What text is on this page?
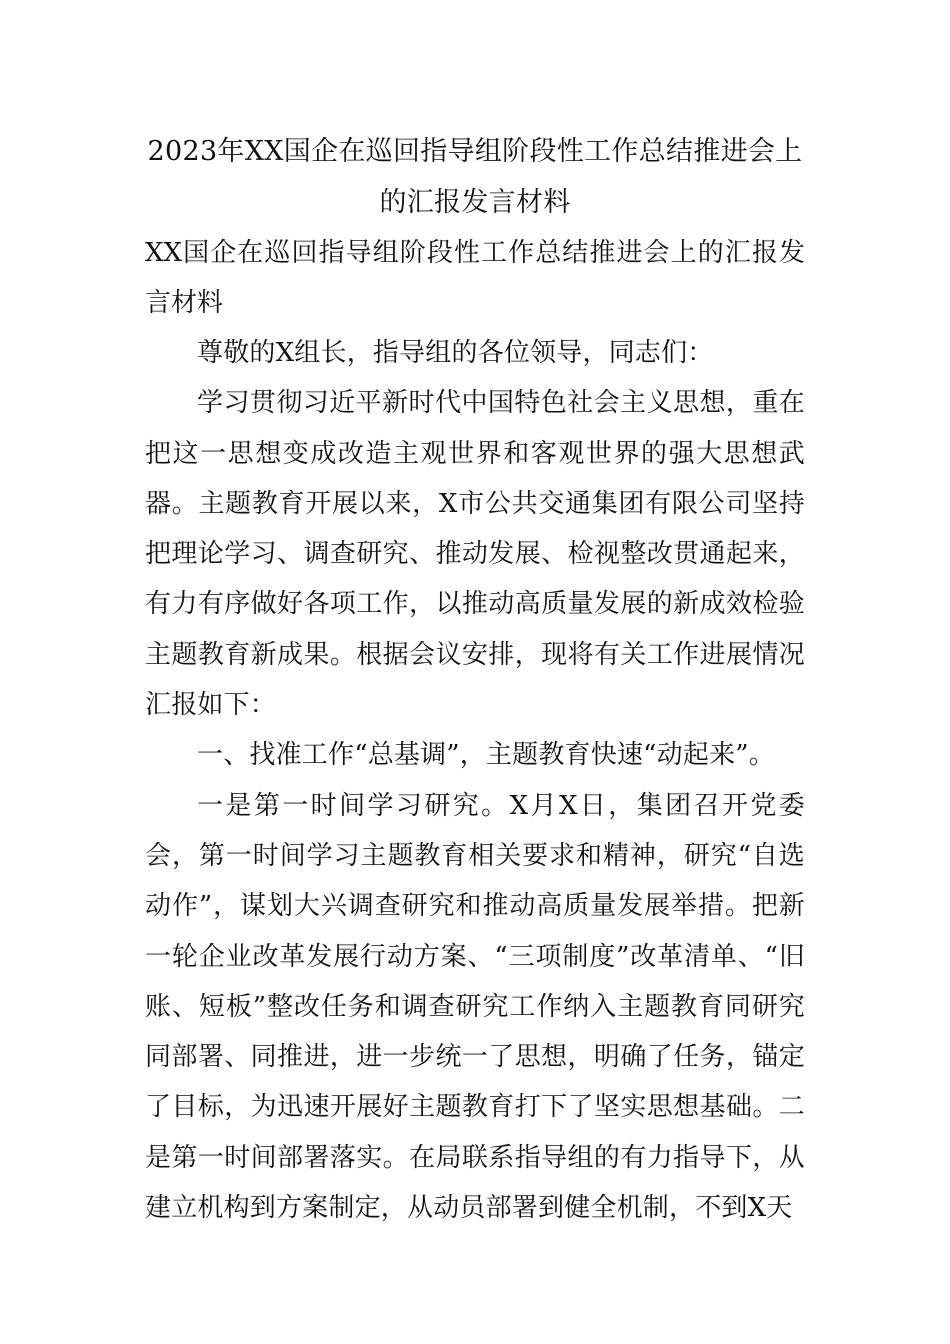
2023年XX国企在巡回指导组阶段性工作总结推进会上的汇报发言材料

XX国企在巡回指导组阶段性工作总结推进会上的汇报发言材料

尊敬的X组长，指导组的各位领导，同志们：

学习贯彻习近平新时代中国特色社会主义思想，重在把这一思想变成改造主观世界和客观世界的强大思想武器。主题教育开展以来，X市公共交通集团有限公司坚持把理论学习、调查研究、推动发展、检视整改贯通起来，有力有序做好各项工作，以推动高质量发展的新成效检验主题教育新成果。根据会议安排，现将有关工作进展情况汇报如下：

一、找准工作“总基调”，主题教育快速“动起来”。

一是第一时间学习研究。X月X日，集团召开党委会，第一时间学习主题教育相关要求和精神，研究“自选动作”，谋划大兴调查研究和推动高质量发展举措。把新一轮企业改革发展行动方案、“三项制度”改革清单、“旧账、短板”整改任务和调查研究工作纳入主题教育同研究同部署、同推进，进一步统一了思想，明确了任务，锚定了目标，为迅速开展好主题教育打下了坚实思想基础。二是第一时间部署落实。在局联系指导组的有力指导下，从建立机构到方案制定，从动员部署到健全机制，不到X天
